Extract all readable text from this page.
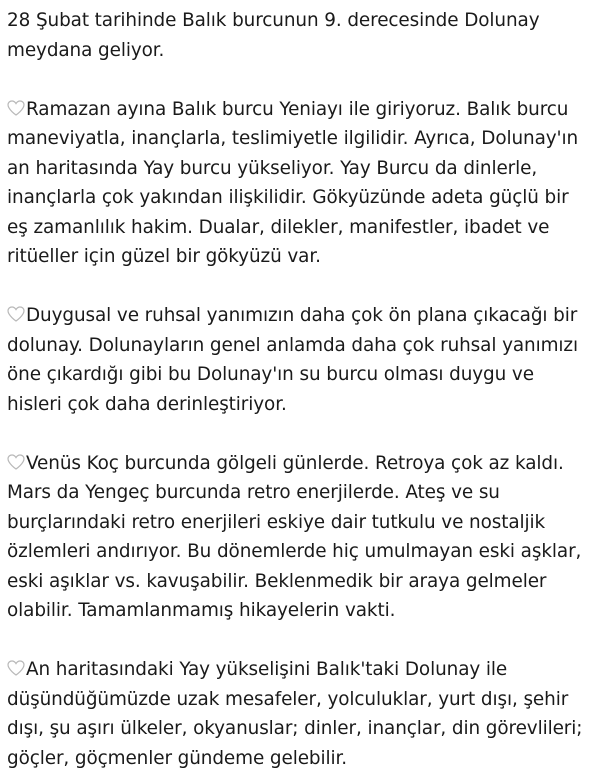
28 Şubat tarihinde Balık burcunun 9. derecesinde Dolunay
meydana geliyor.

Ramazan ayına Balık burcu Yeniayı ile giriyoruz. Balık burcu
maneviyatla, inançlarla, teslimiyetle ilgilidir. Ayrıca, Dolunay'ın
an haritasında Yay burcu yükseliyor. Yay Burcu da dinlerle,
inançlarla çok yakından ilişkilidir. Gökyüzünde adeta güçlü bir
eş zamanlılık hakim. Dualar, dilekler, manifestler, ibadet ve
ritüeller için güzel bir gökyüzü var.

Duygusal ve ruhsal yanımızın daha çok ön plana çıkacağı bir
dolunay. Dolunayların genel anlamda daha çok ruhsal yanımızı
öne çıkardığı gibi bu Dolunay'ın su burcu olması duygu ve
hisleri çok daha derinleştiriyor.

Venüs Koç burcunda gölgeli günlerde. Retroya çok az kaldı.
Mars da Yengeç burcunda retro enerjilerde. Ateş ve su
burçlarındaki retro enerjileri eskiye dair tutkulu ve nostaljik
özlemleri andırıyor. Bu dönemlerde hiç umulmayan eski aşklar,
eski aşıklar vs. kavuşabilir. Beklenmedik bir araya gelmeler
olabilir. Tamamlanmamış hikayelerin vakti.

An haritasındaki Yay yükselişini Balık'taki Dolunay ile
düşündüğümüzde uzak mesafeler, yolculuklar, yurt dışı, şehir
dışı, şu aşırı ülkeler, okyanuslar; dinler, inançlar, din görevlileri;
göçler, göçmenler gündeme gelebilir.
